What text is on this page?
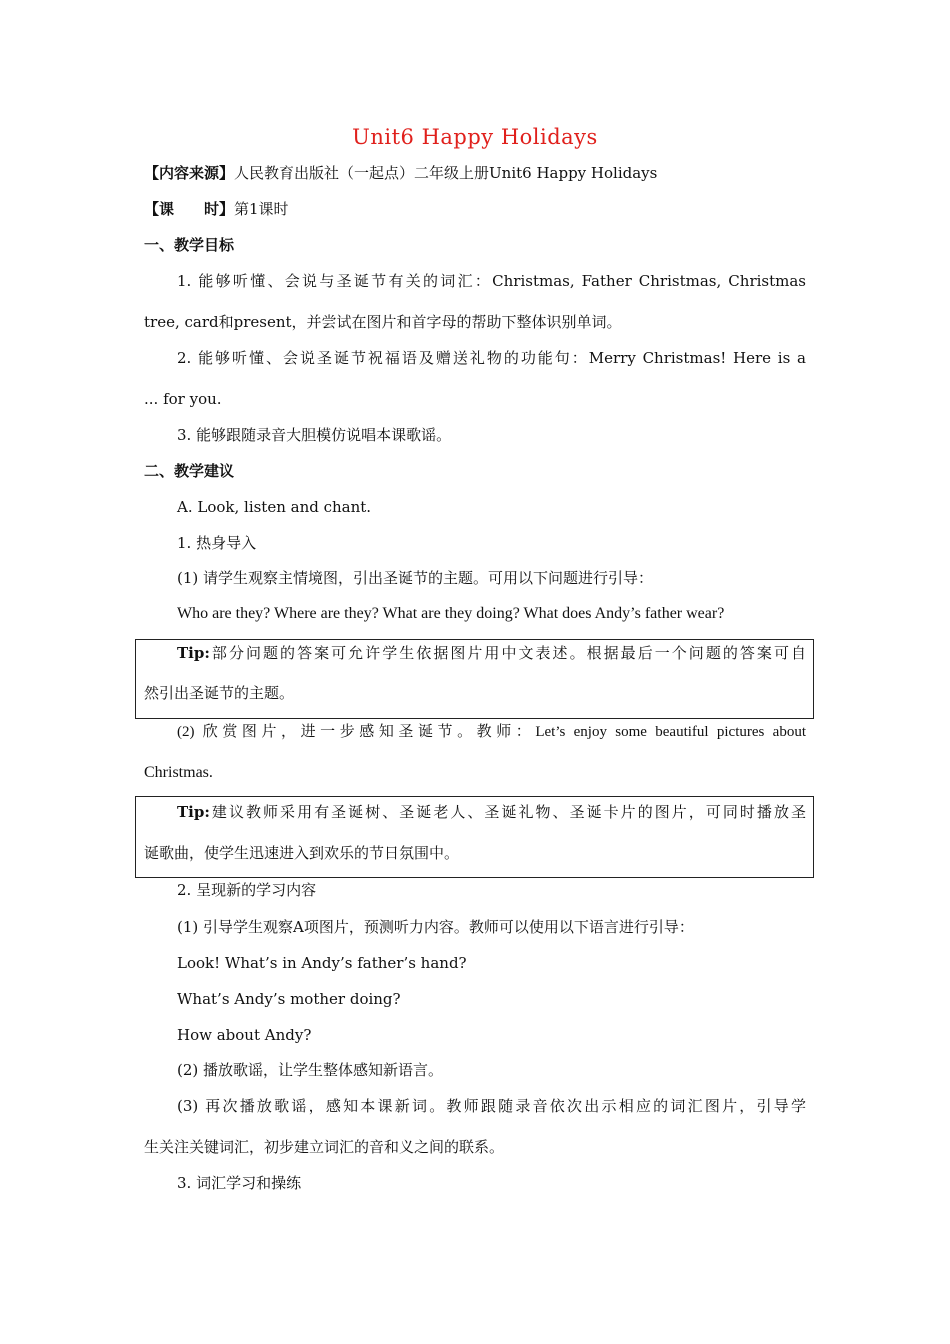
Unit6 Happy Holidays
【内容来源】人民教育出版社（一起点）二年级上册Unit6 Happy Holidays
【课　　时】第1课时
一、教学目标
1. 能够听懂、会说与圣诞节有关的词汇：Christmas, Father Christmas, Christmas
tree, card和present，并尝试在图片和首字母的帮助下整体识别单词。
2. 能够听懂、会说圣诞节祝福语及赠送礼物的功能句：Merry Christmas! Here is a
... for you.
3. 能够跟随录音大胆模仿说唱本课歌谣。
二、教学建议
A. Look, listen and chant.
1. 热身导入
(1) 请学生观察主情境图，引出圣诞节的主题。可用以下问题进行引导：
Who are they? Where are they? What are they doing? What does Andy’s father wear?
Tip:部分问题的答案可允许学生依据图片用中文表述。根据最后一个问题的答案可自
然引出圣诞节的主题。
(2) 欣赏图片，进一步感知圣诞节。教师：Let’s enjoy some beautiful pictures about
Christmas.
Tip:建议教师采用有圣诞树、圣诞老人、圣诞礼物、圣诞卡片的图片，可同时播放圣
诞歌曲，使学生迅速进入到欢乐的节日氛围中。
2. 呈现新的学习内容
(1) 引导学生观察A项图片，预测听力内容。教师可以使用以下语言进行引导：
Look! What’s in Andy’s father’s hand?
What’s Andy’s mother doing?
How about Andy?
(2) 播放歌谣，让学生整体感知新语言。
(3) 再次播放歌谣，感知本课新词。教师跟随录音依次出示相应的词汇图片，引导学
生关注关键词汇，初步建立词汇的音和义之间的联系。
3. 词汇学习和操练
